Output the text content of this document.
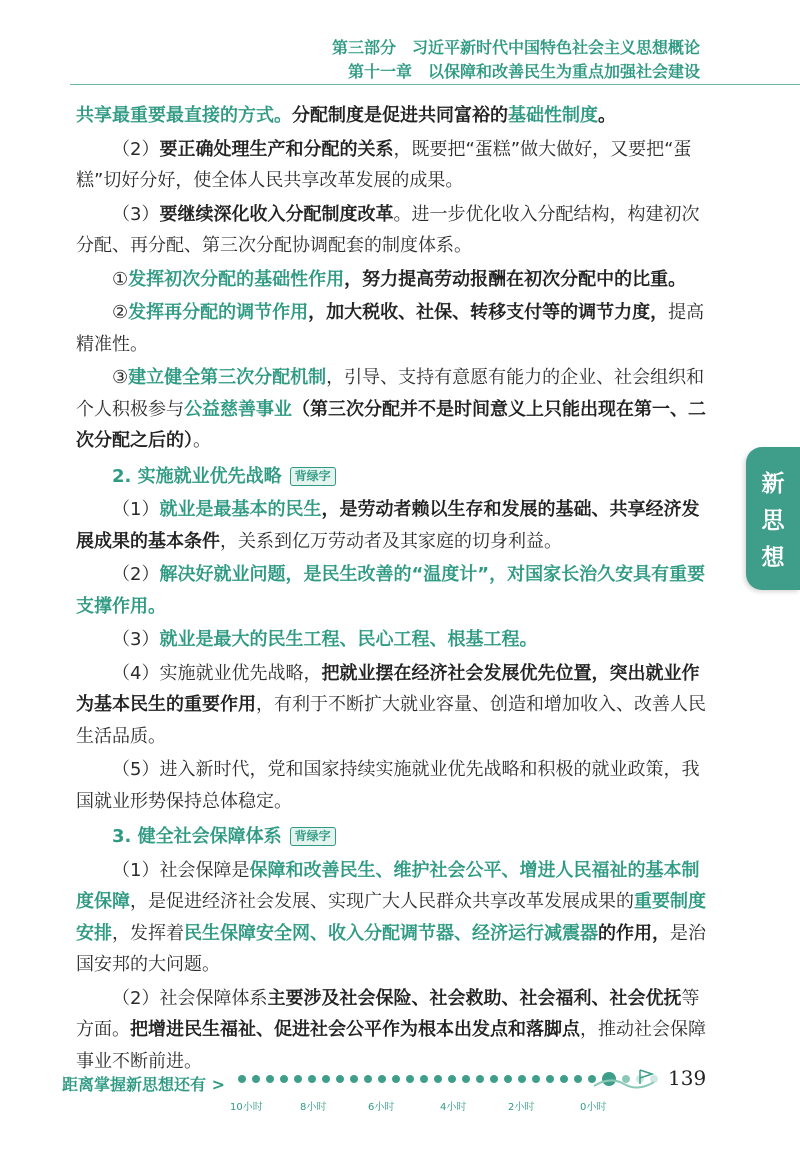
第三部分　习近平新时代中国特色社会主义思想概论
第十一章　以保障和改善民生为重点加强社会建设
新
思
想

共享最重要最直接的方式。分配制度是促进共同富裕的基础性制度。

（2）要正确处理生产和分配的关系，既要把“蛋糕”做大做好，又要把“蛋糕”切好分好，使全体人民共享改革发展的成果。

（3）要继续深化收入分配制度改革。进一步优化收入分配结构，构建初次分配、再分配、第三次分配协调配套的制度体系。

①发挥初次分配的基础性作用，努力提高劳动报酬在初次分配中的比重。

②发挥再分配的调节作用，加大税收、社保、转移支付等的调节力度，提高精准性。

③建立健全第三次分配机制，引导、支持有意愿有能力的企业、社会组织和个人积极参与公益慈善事业（第三次分配并不是时间意义上只能出现在第一、二次分配之后的）。

2. 实施就业优先战略	背绿字

（1）就业是最基本的民生，是劳动者赖以生存和发展的基础、共享经济发展成果的基本条件，关系到亿万劳动者及其家庭的切身利益。

（2）解决好就业问题，是民生改善的“温度计”，对国家长治久安具有重要支撑作用。

（3）就业是最大的民生工程、民心工程、根基工程。

（4）实施就业优先战略，把就业摆在经济社会发展优先位置，突出就业作为基本民生的重要作用，有利于不断扩大就业容量、创造和增加收入、改善人民生活品质。

（5）进入新时代，党和国家持续实施就业优先战略和积极的就业政策，我国就业形势保持总体稳定。

3. 健全社会保障体系	背绿字

（1）社会保障是保障和改善民生、维护社会公平、增进人民福祉的基本制度保障，是促进经济社会发展、实现广大人民群众共享改革发展成果的重要制度安排，发挥着民生保障安全网、收入分配调节器、经济运行减震器的作用，是治国安邦的大问题。

（2）社会保障体系主要涉及社会保险、社会救助、社会福利、社会优抚等方面。把增进民生福祉、促进社会公平作为根本出发点和落脚点，推动社会保障事业不断前进。

距离掌握新思想还有 >
10小时	8小时	6小时	4小时	2小时	0小时
139
